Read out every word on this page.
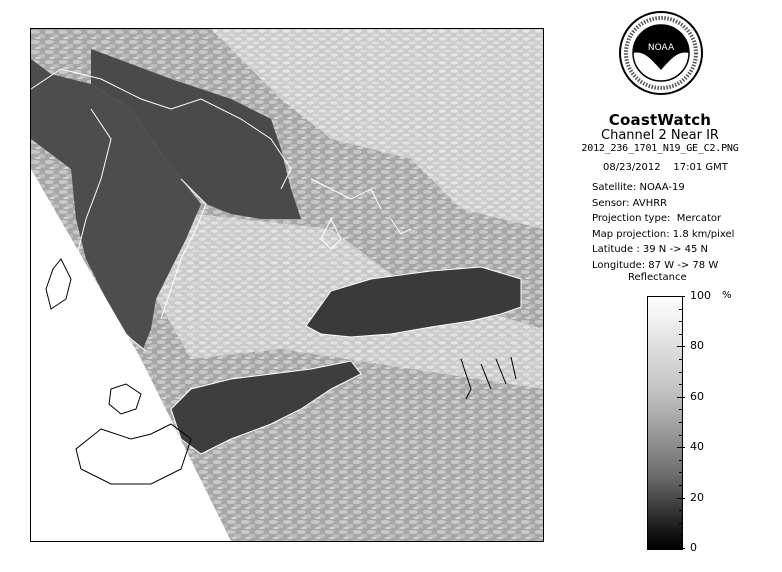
NOAA
CoastWatch
Channel 2 Near IR
2012_236_1701_N19_GE_C2.PNG
08/23/2012 17:01 GMT
Satellite: NOAA-19
Sensor: AVHRR
Projection type: Mercator
Map projection: 1.8 km/pixel
Latitude : 39 N -> 45 N
Longitude: 87 W -> 78 W
Reflectance
%
100
80
60
40
20
0
